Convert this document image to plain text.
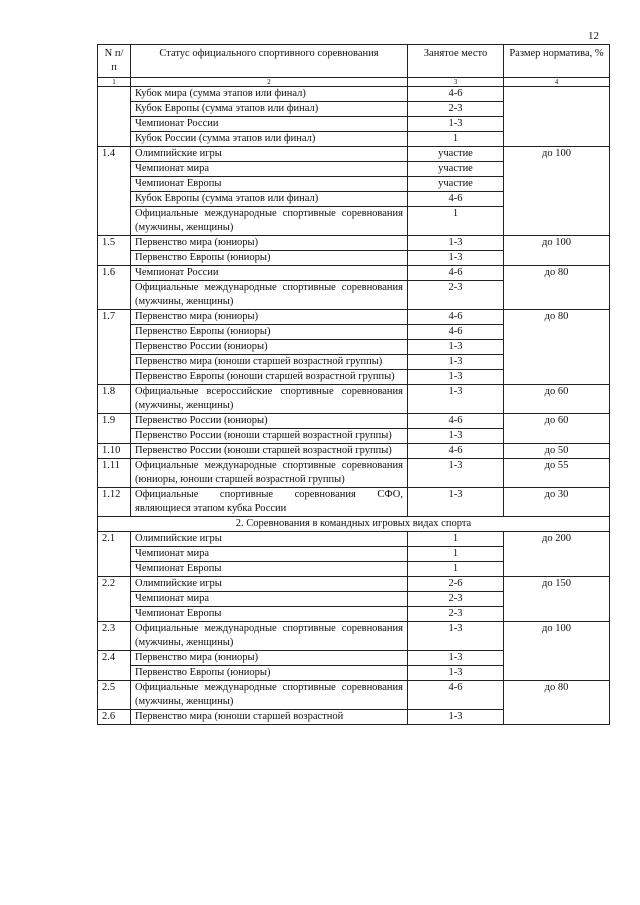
12
N п/п	Статус официального спортивного соревнования	Занятое место	Размер норматива, %
1	2	3	4
	Кубок мира (сумма этапов или финал)	4-6	
	Кубок Европы (сумма этапов или финал)	2-3	
	Чемпионат России	1-3	
	Кубок России (сумма этапов или финал)	1	
1.4	Олимпийские игры	участие	до 100
	Чемпионат мира	участие	
	Чемпионат Европы	участие	
	Кубок Европы (сумма этапов или финал)	4-6	
	Официальные международные спортивные соревнования (мужчины, женщины)	1	
1.5	Первенство мира (юниоры)	1-3	до 100
	Первенство Европы (юниоры)	1-3	
1.6	Чемпионат России	4-6	до 80
	Официальные международные спортивные соревнования (мужчины, женщины)	2-3	
1.7	Первенство мира (юниоры)	4-6	до 80
	Первенство Европы (юниоры)	4-6	
	Первенство России (юниоры)	1-3	
	Первенство мира (юноши старшей возрастной группы)	1-3	
	Первенство Европы (юноши старшей возрастной группы)	1-3	
1.8	Официальные всероссийские спортивные соревнования (мужчины, женщины)	1-3	до 60
1.9	Первенство России (юниоры)	4-6	до 60
	Первенство России (юноши старшей возрастной группы)	1-3	
1.10	Первенство России (юноши старшей возрастной группы)	4-6	до 50
1.11	Официальные международные спортивные соревнования (юниоры, юноши старшей возрастной группы)	1-3	до 55
1.12	Официальные спортивные соревнования СФО, являющиеся этапом кубка России	1-3	до 30
2. Соревнования в командных игровых видах спорта			
2.1	Олимпийские игры	1	до 200
	Чемпионат мира	1	
	Чемпионат Европы	1	
2.2	Олимпийские игры	2-6	до 150
	Чемпионат мира	2-3	
	Чемпионат Европы	2-3	
2.3	Официальные международные спортивные соревнования (мужчины, женщины)	1-3	до 100
2.4	Первенство мира (юниоры)	1-3	
	Первенство Европы (юниоры)	1-3	
2.5	Официальные международные спортивные соревнования (мужчины, женщины)	4-6	до 80
2.6	Первенство мира (юноши старшей возрастной	1-3	
